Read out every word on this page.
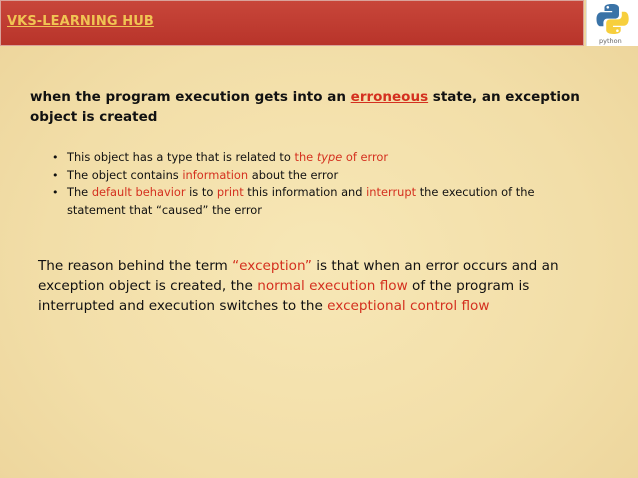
VKS-LEARNING HUB
python
when the program execution gets into an erroneous state, an exception object is created
• This object has a type that is related to the type of error
• The object contains information about the error
• The default behavior is to print this information and interrupt the execution of the statement that “caused” the error
The reason behind the term “exception” is that when an error occurs and an exception object is created, the normal execution flow of the program is interrupted and execution switches to the exceptional control flow
